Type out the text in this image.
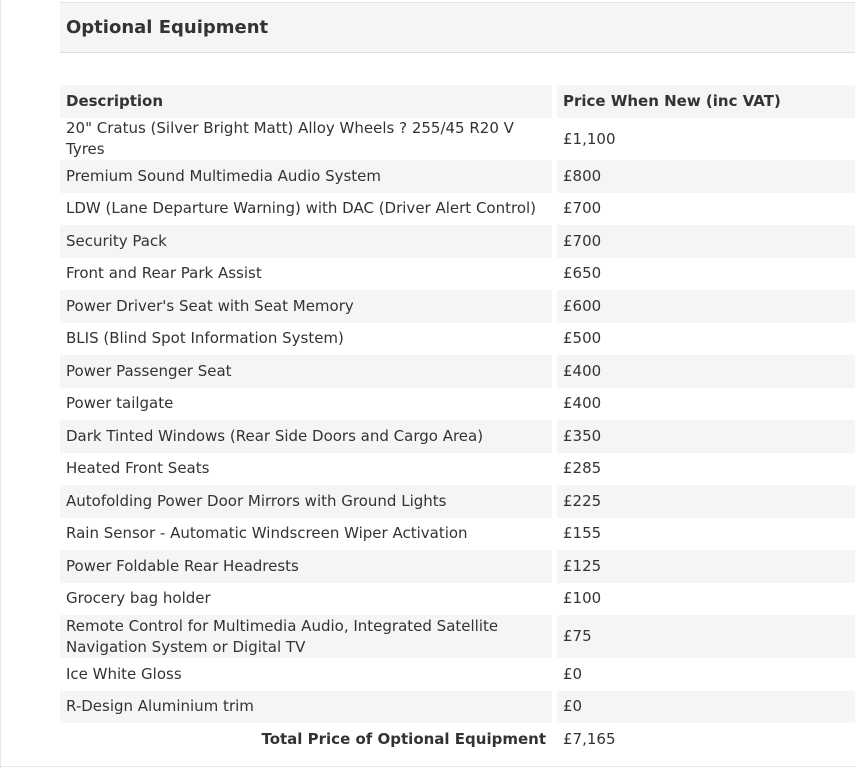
Optional Equipment
Description	Price When New (inc VAT)
20" Cratus (Silver Bright Matt) Alloy Wheels ? 255/45 R20 V Tyres	£1,100
Premium Sound Multimedia Audio System	£800
LDW (Lane Departure Warning) with DAC (Driver Alert Control)	£700
Security Pack	£700
Front and Rear Park Assist	£650
Power Driver's Seat with Seat Memory	£600
BLIS (Blind Spot Information System)	£500
Power Passenger Seat	£400
Power tailgate	£400
Dark Tinted Windows (Rear Side Doors and Cargo Area)	£350
Heated Front Seats	£285
Autofolding Power Door Mirrors with Ground Lights	£225
Rain Sensor - Automatic Windscreen Wiper Activation	£155
Power Foldable Rear Headrests	£125
Grocery bag holder	£100
Remote Control for Multimedia Audio, Integrated Satellite Navigation System or Digital TV	£75
Ice White Gloss	£0
R-Design Aluminium trim	£0
Total Price of Optional Equipment	£7,165
